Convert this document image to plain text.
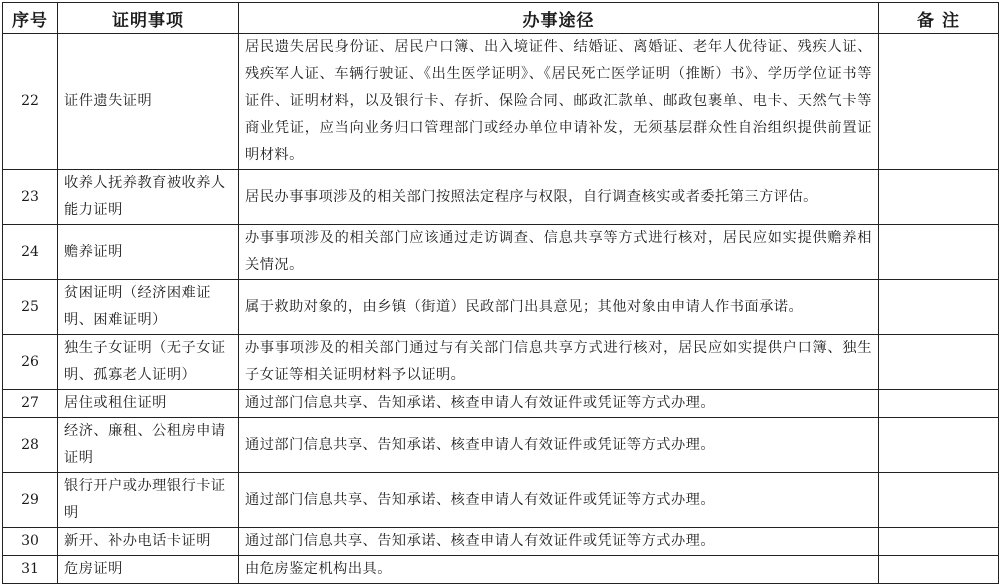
序号	证明事项	办事途径	备 注
22	证件遗失证明	居民遗失居民身份证、居民户口簿、出入境证件、结婚证、离婚证、老年人优待证、残疾人证、残疾军人证、车辆行驶证、《出生医学证明》、《居民死亡医学证明（推断）书》、学历学位证书等证件、证明材料，以及银行卡、存折、保险合同、邮政汇款单、邮政包裹单、电卡、天然气卡等商业凭证，应当向业务归口管理部门或经办单位申请补发，无须基层群众性自治组织提供前置证明材料。	
23	收养人抚养教育被收养人能力证明	居民办事事项涉及的相关部门按照法定程序与权限，自行调查核实或者委托第三方评估。	
24	赡养证明	办事事项涉及的相关部门应该通过走访调查、信息共享等方式进行核对，居民应如实提供赡养相关情况。	
25	贫困证明（经济困难证明、困难证明）	属于救助对象的，由乡镇（街道）民政部门出具意见；其他对象由申请人作书面承诺。	
26	独生子女证明（无子女证明、孤寡老人证明）	办事事项涉及的相关部门通过与有关部门信息共享方式进行核对，居民应如实提供户口簿、独生子女证等相关证明材料予以证明。	
27	居住或租住证明	通过部门信息共享、告知承诺、核查申请人有效证件或凭证等方式办理。	
28	经济、廉租、公租房申请证明	通过部门信息共享、告知承诺、核查申请人有效证件或凭证等方式办理。	
29	银行开户或办理银行卡证明	通过部门信息共享、告知承诺、核查申请人有效证件或凭证等方式办理。	
30	新开、补办电话卡证明	通过部门信息共享、告知承诺、核查申请人有效证件或凭证等方式办理。	
31	危房证明	由危房鉴定机构出具。	
